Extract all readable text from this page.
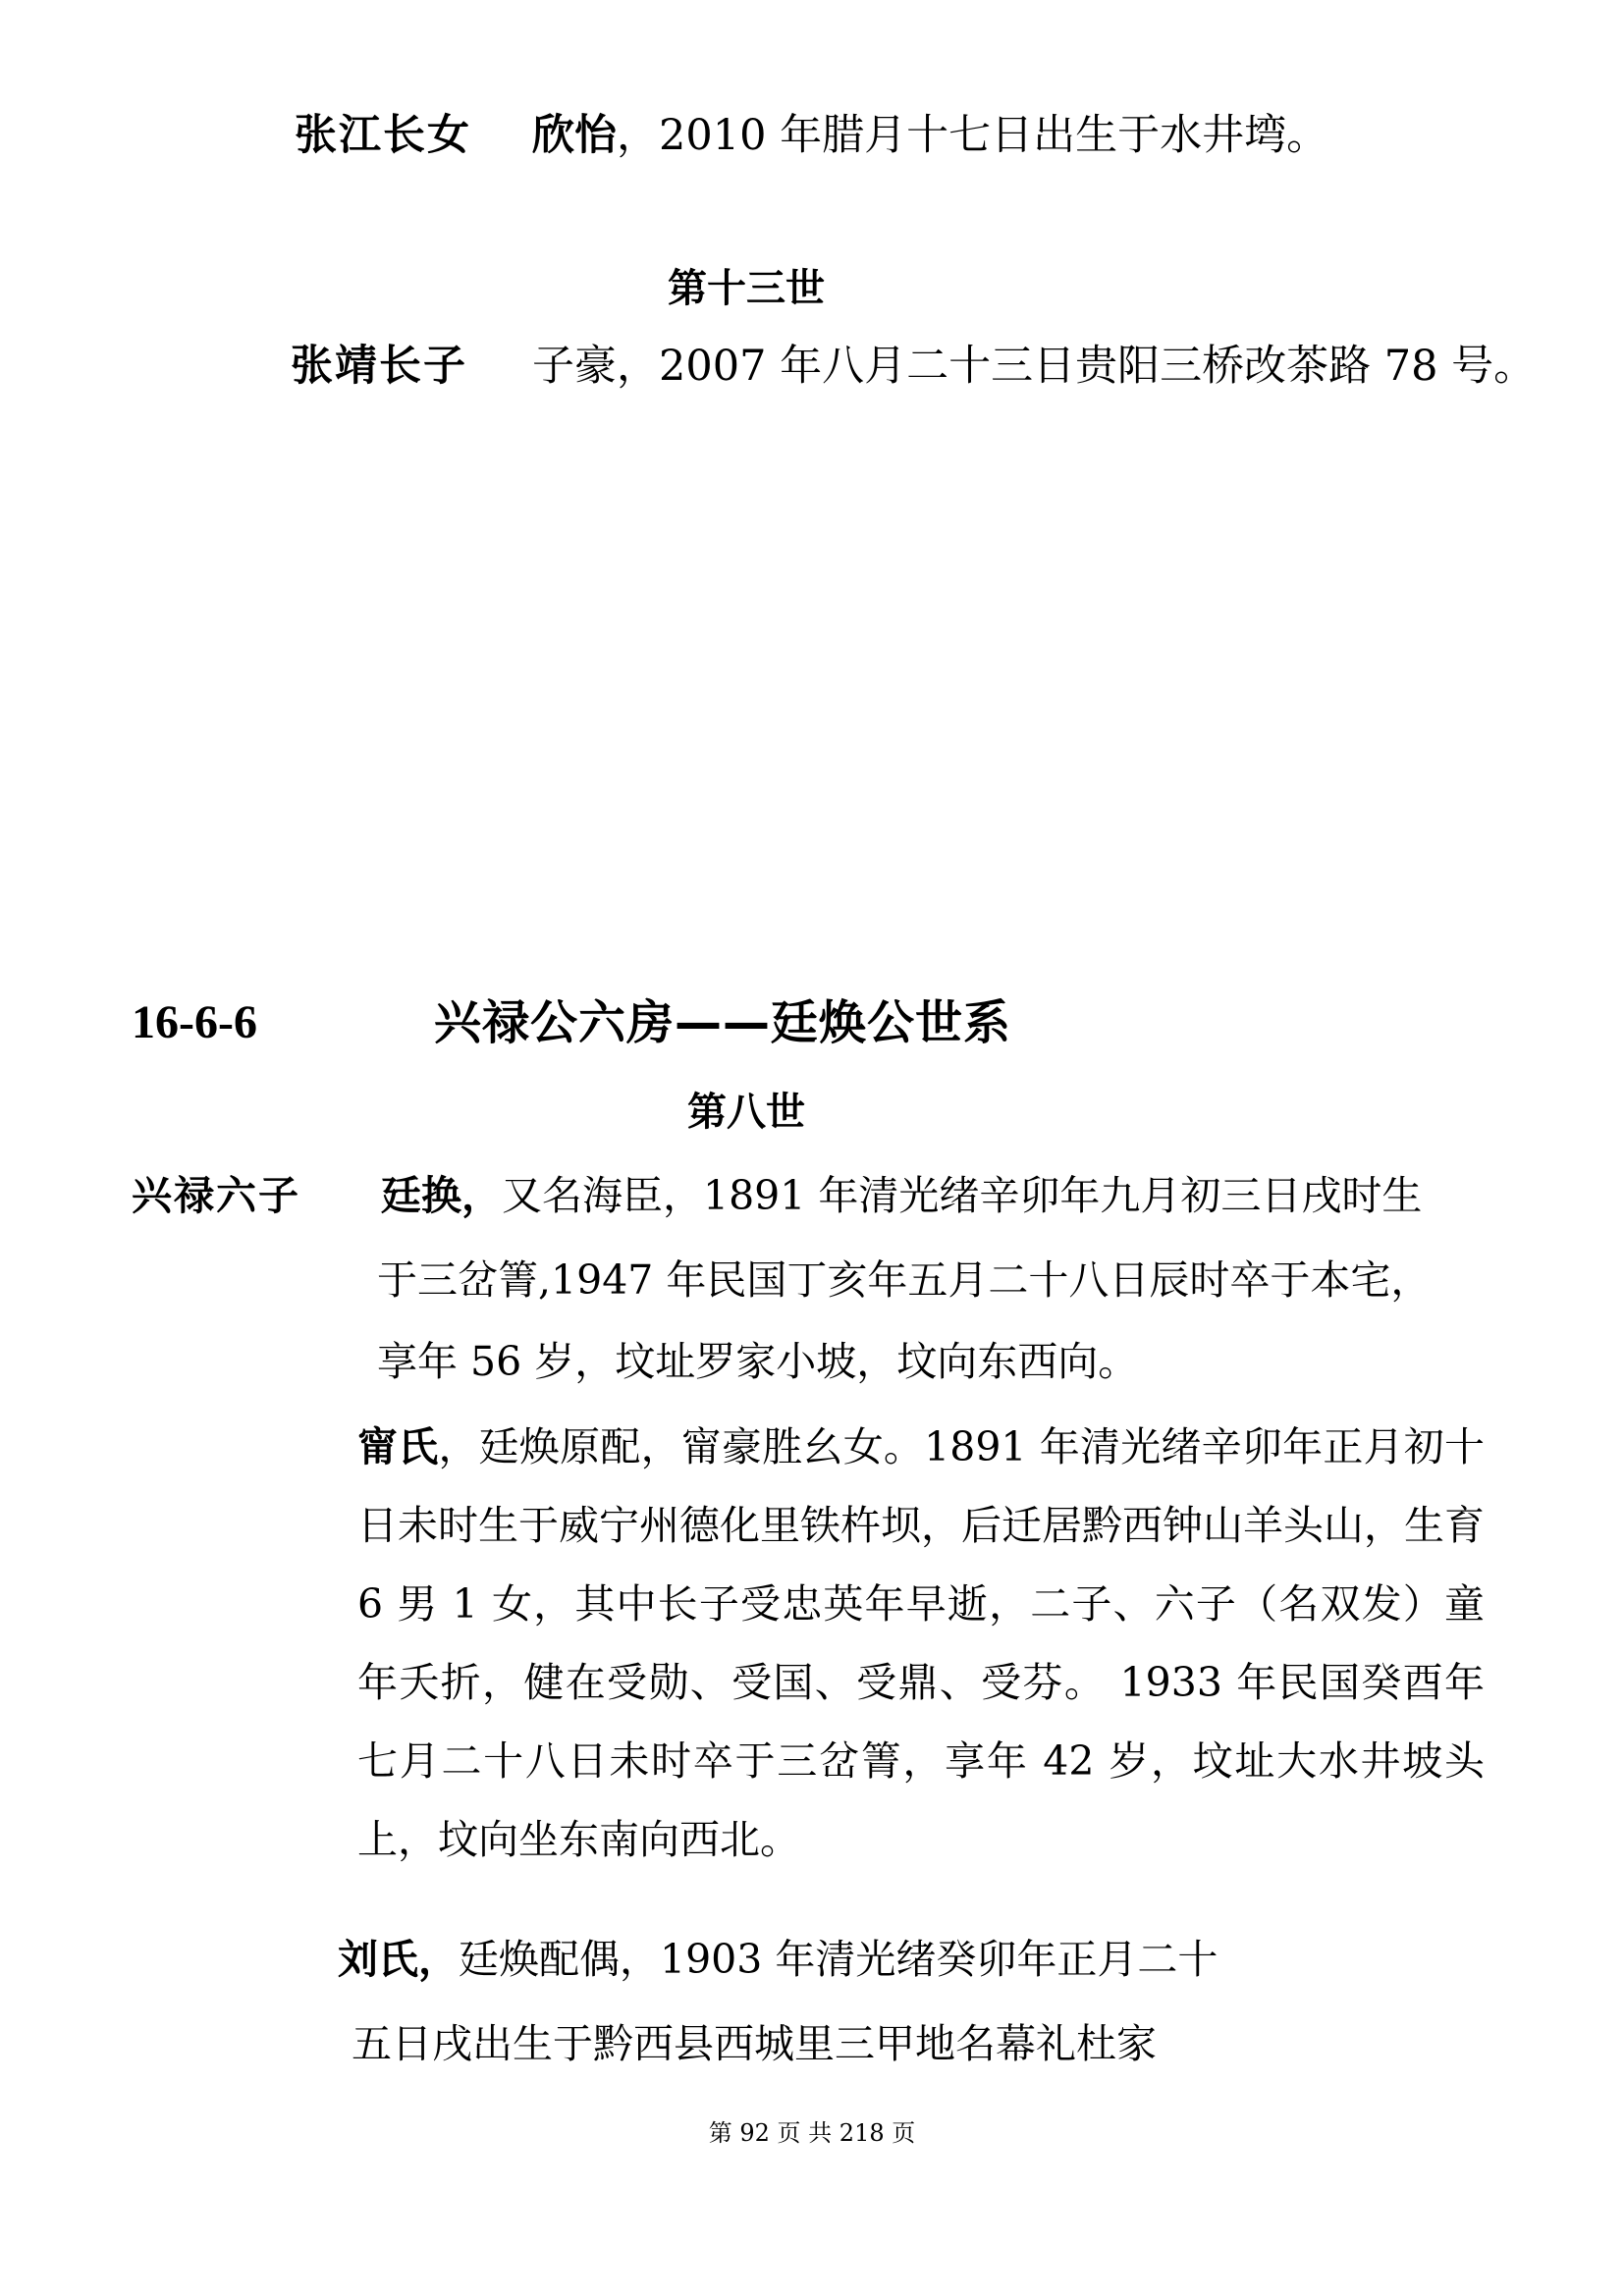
张江长女 欣怡，2010 年腊月十七日出生于水井塆。
第十三世
张靖长子 子豪，2007 年八月二十三日贵阳三桥改茶路 78 号。
16-6-6	兴禄公六房——廷焕公世系
第八世
兴禄六子 廷换，又名海臣，1891 年清光绪辛卯年九月初三日戌时生
于三岔箐,1947 年民国丁亥年五月二十八日辰时卒于本宅，
享年 56 岁，坟址罗家小坡，坟向东西向。
甯氏，廷焕原配，甯豪胜幺女。1891 年清光绪辛卯年正月初十日未时生于威宁州德化里铁杵坝，后迁居黔西钟山羊头山，生育 6 男 1 女，其中长子受忠英年早逝，二子、六子（名双发）童年夭折，健在受勋、受国、受鼎、受芬。 1933 年民国癸酉年七月二十八日未时卒于三岔箐，享年 42 岁，坟址大水井坡头上，坟向坐东南向西北。
刘氏，廷焕配偶，1903 年清光绪癸卯年正月二十
五日戌出生于黔西县西城里三甲地名幕礼杜家
第 92 页 共 218 页
